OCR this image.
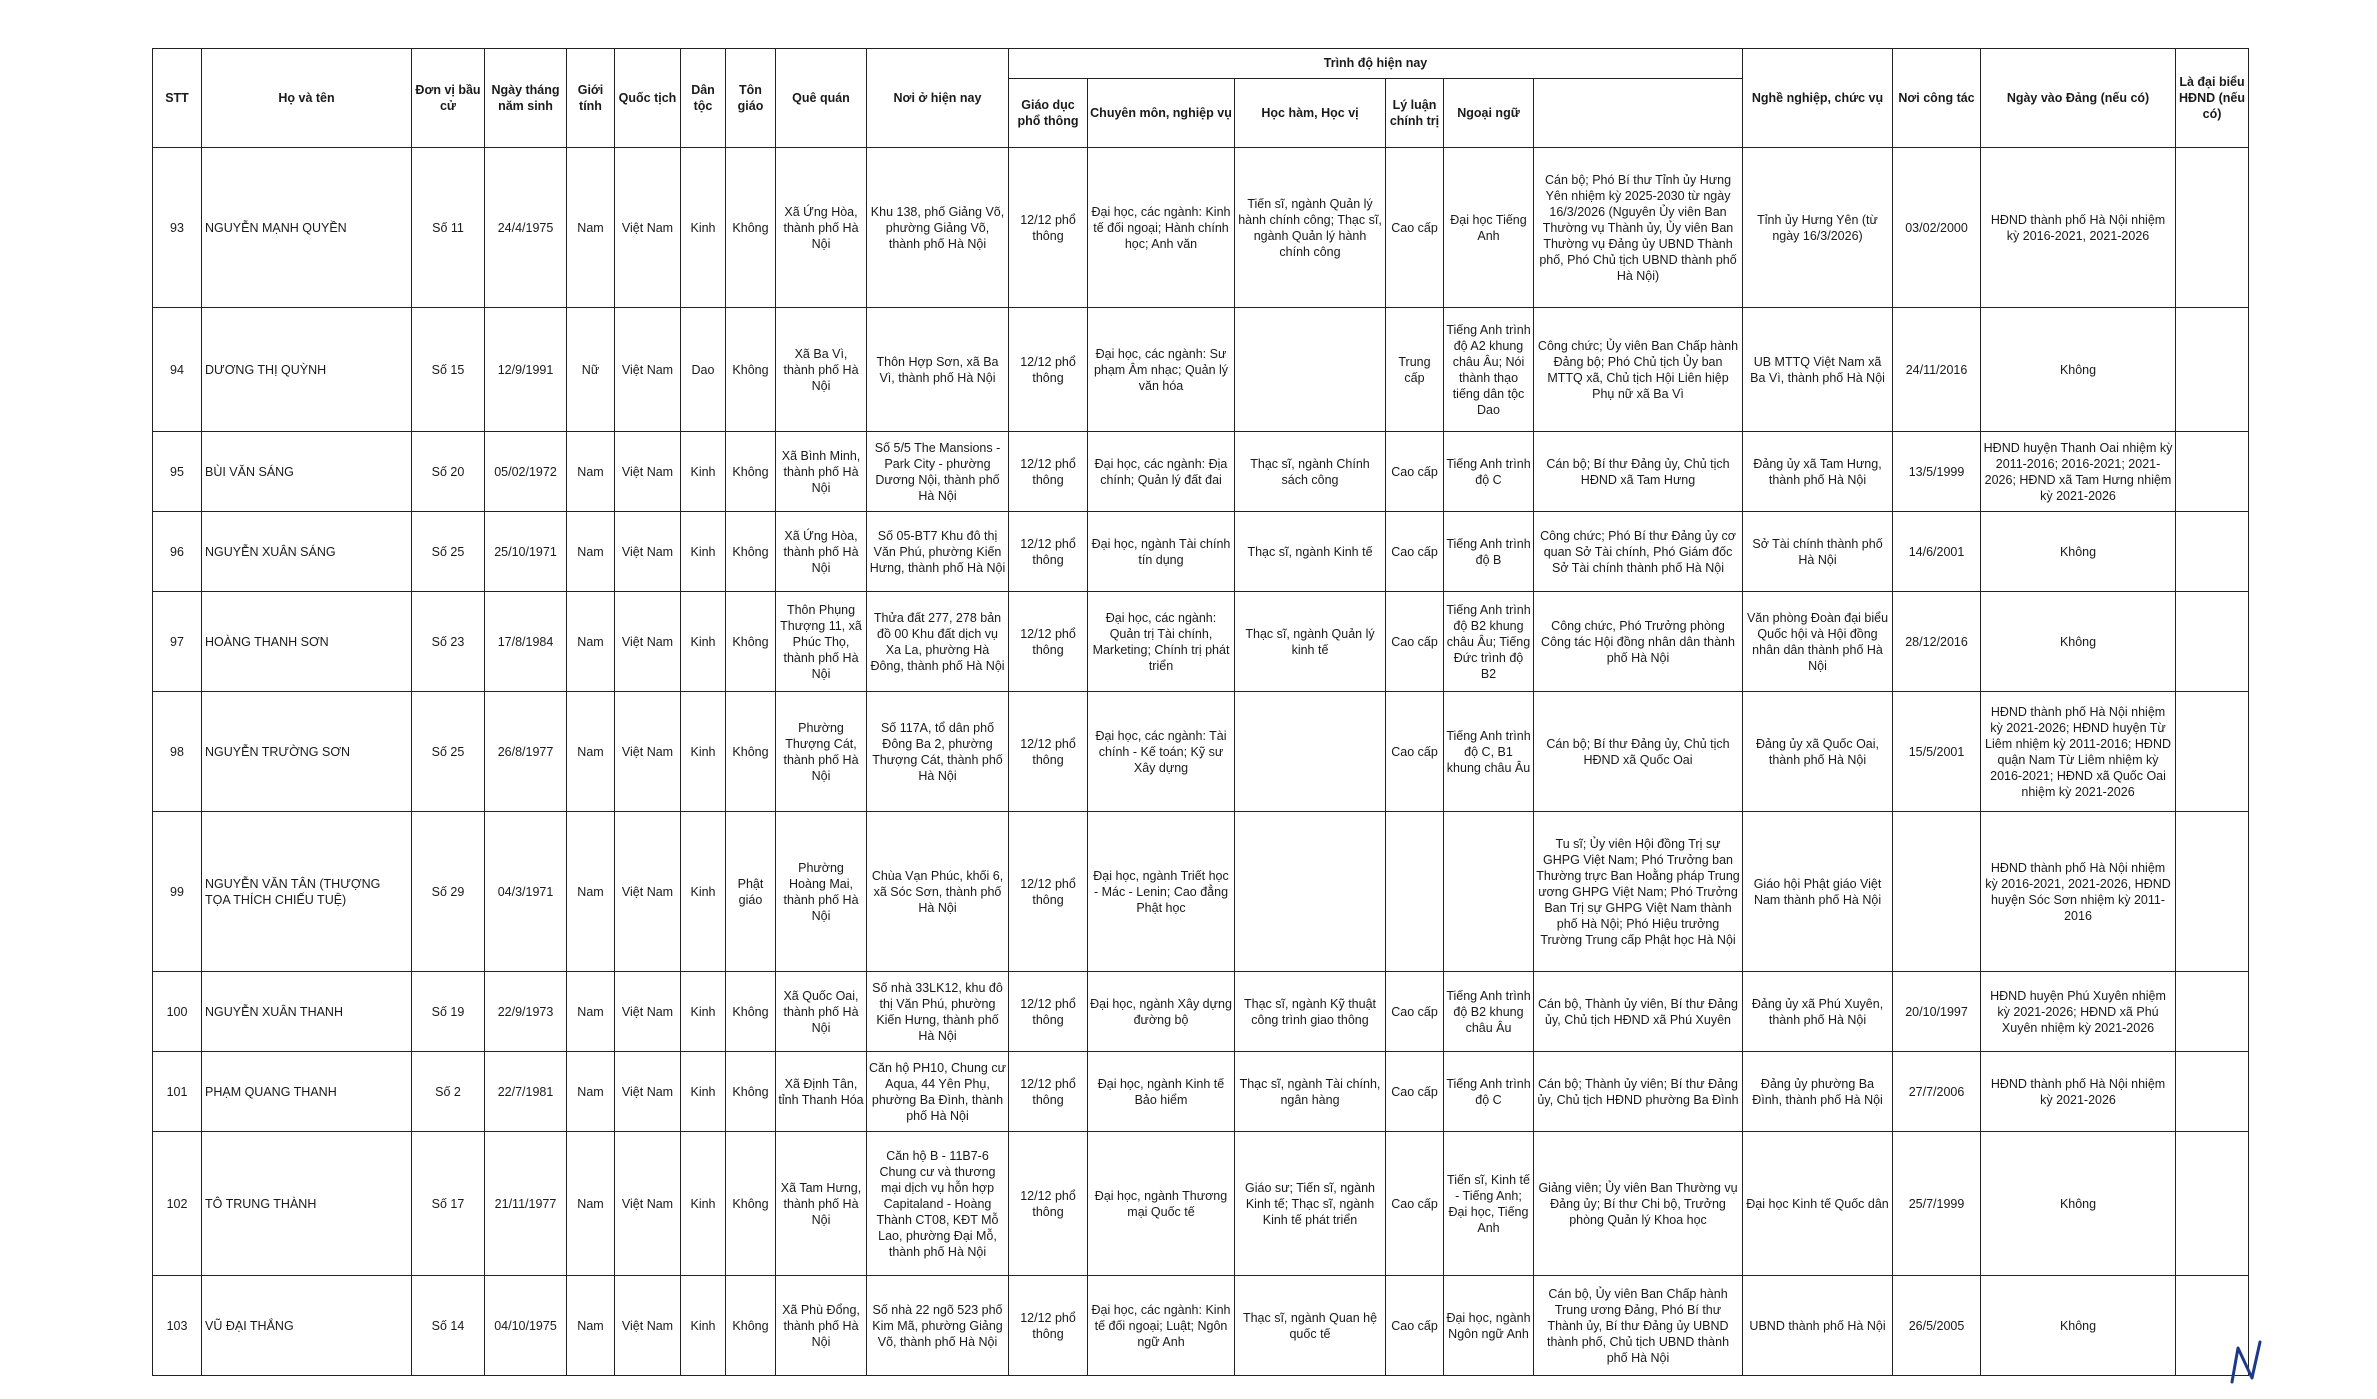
STT	Họ và tên	Đơn vị bầu cử	Ngày tháng năm sinh	Giới tính	Quốc tịch	Dân tộc	Tôn giáo	Quê quán	Nơi ở hiện nay	Trình độ hiện nay						Nghề nghiệp, chức vụ	Nơi công tác	Ngày vào Đảng (nếu có)	Là đại biểu HĐND (nếu có)	
										Giáo dục phổ thông	Chuyên môn, nghiệp vụ	Học hàm, Học vị	Lý luận chính trị	Ngoại ngữ						
93	NGUYỄN MẠNH QUYỀN	Số 11	24/4/1975	Nam	Việt Nam	Kinh	Không	Xã Ứng Hòa, thành phố Hà Nội	Khu 138, phố Giảng Võ, phường Giảng Võ, thành phố Hà Nội	12/12 phổ thông	Đại học, các ngành: Kinh tế đối ngoại; Hành chính học; Anh văn	Tiến sĩ, ngành Quản lý hành chính công; Thạc sĩ, ngành Quản lý hành chính công	Cao cấp	Đại học Tiếng Anh	Cán bộ; Phó Bí thư Tỉnh ủy Hưng Yên nhiệm kỳ 2025-2030 từ ngày 16/3/2026 (Nguyên Ủy viên Ban Thường vụ Thành ủy, Ủy viên Ban Thường vụ Đảng ủy UBND Thành phố, Phó Chủ tịch UBND thành phố Hà Nội)	Tỉnh ủy Hưng Yên (từ ngày 16/3/2026)	03/02/2000	HĐND thành phố Hà Nội nhiệm kỳ 2016-2021, 2021-2026		
94	DƯƠNG THỊ QUỲNH	Số 15	12/9/1991	Nữ	Việt Nam	Dao	Không	Xã Ba Vì, thành phố Hà Nội	Thôn Hợp Sơn, xã Ba Vì, thành phố Hà Nội	12/12 phổ thông	Đại học, các ngành: Sư phạm Âm nhạc; Quản lý văn hóa		Trung cấp	Tiếng Anh trình độ A2 khung châu Âu; Nói thành thạo tiếng dân tộc Dao	Công chức; Ủy viên Ban Chấp hành Đảng bộ; Phó Chủ tịch Ủy ban MTTQ xã, Chủ tịch Hội Liên hiệp Phụ nữ xã Ba Vì	UB MTTQ Việt Nam xã Ba Vì, thành phố Hà Nội	24/11/2016	Không		
95	BÙI VĂN SÁNG	Số 20	05/02/1972	Nam	Việt Nam	Kinh	Không	Xã Bình Minh, thành phố Hà Nội	Số 5/5 The Mansions - Park City - phường Dương Nội, thành phố Hà Nội	12/12 phổ thông	Đại học, các ngành: Địa chính; Quản lý đất đai	Thạc sĩ, ngành Chính sách công	Cao cấp	Tiếng Anh trình độ C	Cán bộ; Bí thư Đảng ủy, Chủ tịch HĐND xã Tam Hưng	Đảng ủy xã Tam Hưng, thành phố Hà Nội	13/5/1999	HĐND huyện Thanh Oai nhiệm kỳ 2011-2016; 2016-2021; 2021-2026; HĐND xã Tam Hưng nhiệm kỳ 2021-2026		
96	NGUYỄN XUÂN SÁNG	Số 25	25/10/1971	Nam	Việt Nam	Kinh	Không	Xã Ứng Hòa, thành phố Hà Nội	Số 05-BT7 Khu đô thị Văn Phú, phường Kiến Hưng, thành phố Hà Nội	12/12 phổ thông	Đại học, ngành Tài chính tín dụng	Thạc sĩ, ngành Kinh tế	Cao cấp	Tiếng Anh trình độ B	Công chức; Phó Bí thư Đảng ủy cơ quan Sở Tài chính, Phó Giám đốc Sở Tài chính thành phố Hà Nội	Sở Tài chính thành phố Hà Nội	14/6/2001	Không		
97	HOÀNG THANH SƠN	Số 23	17/8/1984	Nam	Việt Nam	Kinh	Không	Thôn Phụng Thượng 11, xã Phúc Thọ, thành phố Hà Nội	Thửa đất 277, 278 bản đồ 00 Khu đất dịch vụ Xa La, phường Hà Đông, thành phố Hà Nội	12/12 phổ thông	Đại học, các ngành: Quản trị Tài chính, Marketing; Chính trị phát triển	Thạc sĩ, ngành Quản lý kinh tế	Cao cấp	Tiếng Anh trình độ B2 khung châu Âu; Tiếng Đức trình độ B2	Công chức, Phó Trưởng phòng Công tác Hội đồng nhân dân thành phố Hà Nội	Văn phòng Đoàn đại biểu Quốc hội và Hội đồng nhân dân thành phố Hà Nội	28/12/2016	Không		
98	NGUYỄN TRƯỜNG SƠN	Số 25	26/8/1977	Nam	Việt Nam	Kinh	Không	Phường Thượng Cát, thành phố Hà Nội	Số 117A, tổ dân phố Đông Ba 2, phường Thượng Cát, thành phố Hà Nội	12/12 phổ thông	Đại học, các ngành: Tài chính - Kế toán; Kỹ sư Xây dựng		Cao cấp	Tiếng Anh trình độ C, B1 khung châu Âu	Cán bộ; Bí thư Đảng ủy, Chủ tịch HĐND xã Quốc Oai	Đảng ủy xã Quốc Oai, thành phố Hà Nội	15/5/2001	HĐND thành phố Hà Nội nhiệm kỳ 2021-2026; HĐND huyện Từ Liêm nhiệm kỳ 2011-2016; HĐND quận Nam Từ Liêm nhiệm kỳ 2016-2021; HĐND xã Quốc Oai nhiệm kỳ 2021-2026		
99	NGUYỄN VĂN TÂN (THƯỢNG TỌA THÍCH CHIẾU TUỆ)	Số 29	04/3/1971	Nam	Việt Nam	Kinh	Phật giáo	Phường Hoàng Mai, thành phố Hà Nội	Chùa Vạn Phúc, khối 6, xã Sóc Sơn, thành phố Hà Nội	12/12 phổ thông	Đại học, ngành Triết học - Mác - Lenin; Cao đẳng Phật học				Tu sĩ; Ủy viên Hội đồng Trị sự GHPG Việt Nam; Phó Trưởng ban Thường trực Ban Hoằng pháp Trung ương GHPG Việt Nam; Phó Trưởng Ban Trị sự GHPG Việt Nam thành phố Hà Nội; Phó Hiệu trưởng Trường Trung cấp Phật học Hà Nội	Giáo hội Phật giáo Việt Nam thành phố Hà Nội		HĐND thành phố Hà Nội nhiệm kỳ 2016-2021, 2021-2026, HĐND huyện Sóc Sơn nhiệm kỳ 2011-2016		
100	NGUYỄN XUÂN THANH	Số 19	22/9/1973	Nam	Việt Nam	Kinh	Không	Xã Quốc Oai, thành phố Hà Nội	Số nhà 33LK12, khu đô thị Văn Phú, phường Kiến Hưng, thành phố Hà Nội	12/12 phổ thông	Đại học, ngành Xây dựng đường bộ	Thạc sĩ, ngành Kỹ thuật công trình giao thông	Cao cấp	Tiếng Anh trình độ B2 khung châu Âu	Cán bộ, Thành ủy viên, Bí thư Đảng ủy, Chủ tịch HĐND xã Phú Xuyên	Đảng ủy xã Phú Xuyên, thành phố Hà Nội	20/10/1997	HĐND huyện Phú Xuyên nhiệm kỳ 2021-2026; HĐND xã Phú Xuyên nhiệm kỳ 2021-2026		
101	PHẠM QUANG THANH	Số 2	22/7/1981	Nam	Việt Nam	Kinh	Không	Xã Định Tân, tỉnh Thanh Hóa	Căn hộ PH10, Chung cư Aqua, 44 Yên Phụ, phường Ba Đình, thành phố Hà Nội	12/12 phổ thông	Đại học, ngành Kinh tế Bảo hiểm	Thạc sĩ, ngành Tài chính, ngân hàng	Cao cấp	Tiếng Anh trình độ C	Cán bộ; Thành ủy viên; Bí thư Đảng ủy, Chủ tịch HĐND phường Ba Đình	Đảng ủy phường Ba Đình, thành phố Hà Nội	27/7/2006	HĐND thành phố Hà Nội nhiệm kỳ 2021-2026		
102	TÔ TRUNG THÀNH	Số 17	21/11/1977	Nam	Việt Nam	Kinh	Không	Xã Tam Hưng, thành phố Hà Nội	Căn hộ B - 11B7-6 Chung cư và thương mại dịch vụ hỗn hợp Capitaland - Hoàng Thành CT08, KĐT Mỗ Lao, phường Đại Mỗ, thành phố Hà Nội	12/12 phổ thông	Đại học, ngành Thương mại Quốc tế	Giáo sư; Tiến sĩ, ngành Kinh tế; Thạc sĩ, ngành Kinh tế phát triển	Cao cấp	Tiến sĩ, Kinh tế - Tiếng Anh; Đại học, Tiếng Anh	Giảng viên; Ủy viên Ban Thường vụ Đảng ủy; Bí thư Chi bộ, Trưởng phòng Quản lý Khoa học	Đại học Kinh tế Quốc dân	25/7/1999	Không		
103	VŨ ĐẠI THẮNG	Số 14	04/10/1975	Nam	Việt Nam	Kinh	Không	Xã Phù Đổng, thành phố Hà Nội	Số nhà 22 ngõ 523 phố Kim Mã, phường Giảng Võ, thành phố Hà Nội	12/12 phổ thông	Đại học, các ngành: Kinh tế đối ngoại; Luật; Ngôn ngữ Anh	Thạc sĩ, ngành Quan hệ quốc tế	Cao cấp	Đại học, ngành Ngôn ngữ Anh	Cán bộ, Ủy viên Ban Chấp hành Trung ương Đảng, Phó Bí thư Thành ủy, Bí thư Đảng ủy UBND thành phố, Chủ tịch UBND thành phố Hà Nội	UBND thành phố Hà Nội	26/5/2005	Không		
